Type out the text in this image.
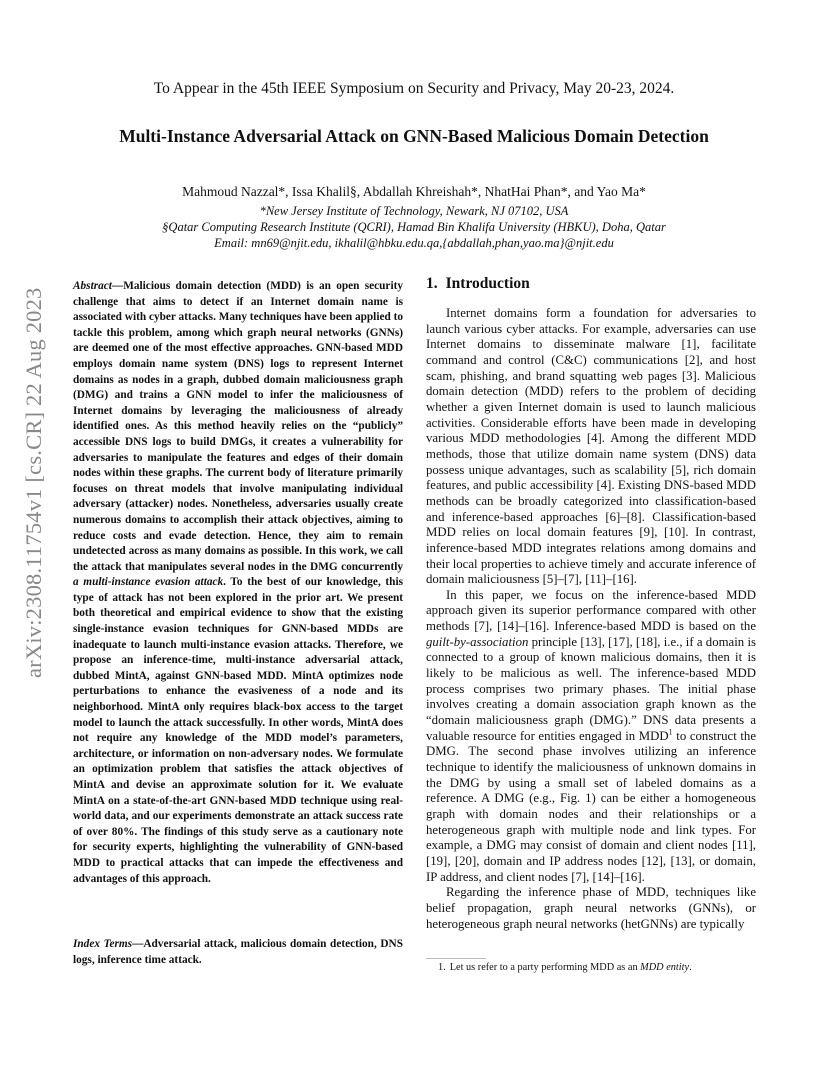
To Appear in the 45th IEEE Symposium on Security and Privacy, May 20-23, 2024.
Multi-Instance Adversarial Attack on GNN-Based Malicious Domain Detection
Mahmoud Nazzal*, Issa Khalil§, Abdallah Khreishah*, NhatHai Phan*, and Yao Ma*
*New Jersey Institute of Technology, Newark, NJ 07102, USA
§Qatar Computing Research Institute (QCRI), Hamad Bin Khalifa University (HBKU), Doha, Qatar
Email: mn69@njit.edu, ikhalil@hbku.edu.qa,{abdallah,phan,yao.ma}@njit.edu
arXiv:2308.11754v1 [cs.CR] 22 Aug 2023
Abstract—Malicious domain detection (MDD) is an open security challenge that aims to detect if an Internet domain name is associated with cyber attacks. Many techniques have been applied to tackle this problem, among which graph neural networks (GNNs) are deemed one of the most effective approaches. GNN-based MDD employs domain name system (DNS) logs to represent Internet domains as nodes in a graph, dubbed domain maliciousness graph (DMG) and trains a GNN model to infer the maliciousness of Internet domains by leveraging the maliciousness of already identified ones. As this method heavily relies on the “publicly” accessible DNS logs to build DMGs, it creates a vulnerability for adversaries to manipulate the features and edges of their domain nodes within these graphs. The current body of literature primarily focuses on threat models that involve manipulating individual adversary (attacker) nodes. Nonetheless, adversaries usually create numerous domains to accomplish their attack objectives, aiming to reduce costs and evade detection. Hence, they aim to remain undetected across as many domains as possible. In this work, we call the attack that manipulates several nodes in the DMG concurrently a multi-instance evasion attack. To the best of our knowledge, this type of attack has not been explored in the prior art. We present both theoretical and empirical evidence to show that the existing single-instance evasion techniques for GNN-based MDDs are inadequate to launch multi-instance evasion attacks. Therefore, we propose an inference-time, multi-instance adversarial attack, dubbed MintA, against GNN-based MDD. MintA optimizes node perturbations to enhance the evasiveness of a node and its neighborhood. MintA only requires black-box access to the target model to launch the attack successfully. In other words, MintA does not require any knowledge of the MDD model’s parameters, architecture, or information on non-adversary nodes. We formulate an optimization problem that satisfies the attack objectives of MintA and devise an approximate solution for it. We evaluate MintA on a state-of-the-art GNN-based MDD technique using real-world data, and our experiments demonstrate an attack success rate of over 80%. The findings of this study serve as a cautionary note for security experts, highlighting the vulnerability of GNN-based MDD to practical attacks that can impede the effectiveness and advantages of this approach.
Index Terms—Adversarial attack, malicious domain detection, DNS logs, inference time attack.
1. Introduction

Internet domains form a foundation for adversaries to launch various cyber attacks. For example, adversaries can use Internet domains to disseminate malware [1], facilitate command and control (C&C) communications [2], and host scam, phishing, and brand squatting web pages [3]. Malicious domain detection (MDD) refers to the problem of deciding whether a given Internet domain is used to launch malicious activities. Considerable efforts have been made in developing various MDD methodologies [4]. Among the different MDD methods, those that utilize domain name system (DNS) data possess unique advantages, such as scalability [5], rich domain features, and public accessibility [4]. Existing DNS-based MDD methods can be broadly categorized into classification-based and inference-based approaches [6]–[8]. Classification-based MDD relies on local domain features [9], [10]. In contrast, inference-based MDD integrates relations among domains and their local properties to achieve timely and accurate inference of domain maliciousness [5]–[7], [11]–[16].

In this paper, we focus on the inference-based MDD approach given its superior performance compared with other methods [7], [14]–[16]. Inference-based MDD is based on the guilt-by-association principle [13], [17], [18], i.e., if a domain is connected to a group of known malicious domains, then it is likely to be malicious as well. The inference-based MDD process comprises two primary phases. The initial phase involves creating a domain association graph known as the “domain maliciousness graph (DMG).” DNS data presents a valuable resource for entities engaged in MDD$^1$ to construct the DMG. The second phase involves utilizing an inference technique to identify the maliciousness of unknown domains in the DMG by using a small set of labeled domains as a reference. A DMG (e.g., Fig. 1) can be either a homogeneous graph with domain nodes and their relationships or a heterogeneous graph with multiple node and link types. For example, a DMG may consist of domain and client nodes [11], [19], [20], domain and IP address nodes [12], [13], or domain, IP address, and client nodes [7], [14]–[16].

Regarding the inference phase of MDD, techniques like belief propagation, graph neural networks (GNNs), or heterogeneous graph neural networks (hetGNNs) are typically

1. Let us refer to a party performing MDD as an MDD entity.
